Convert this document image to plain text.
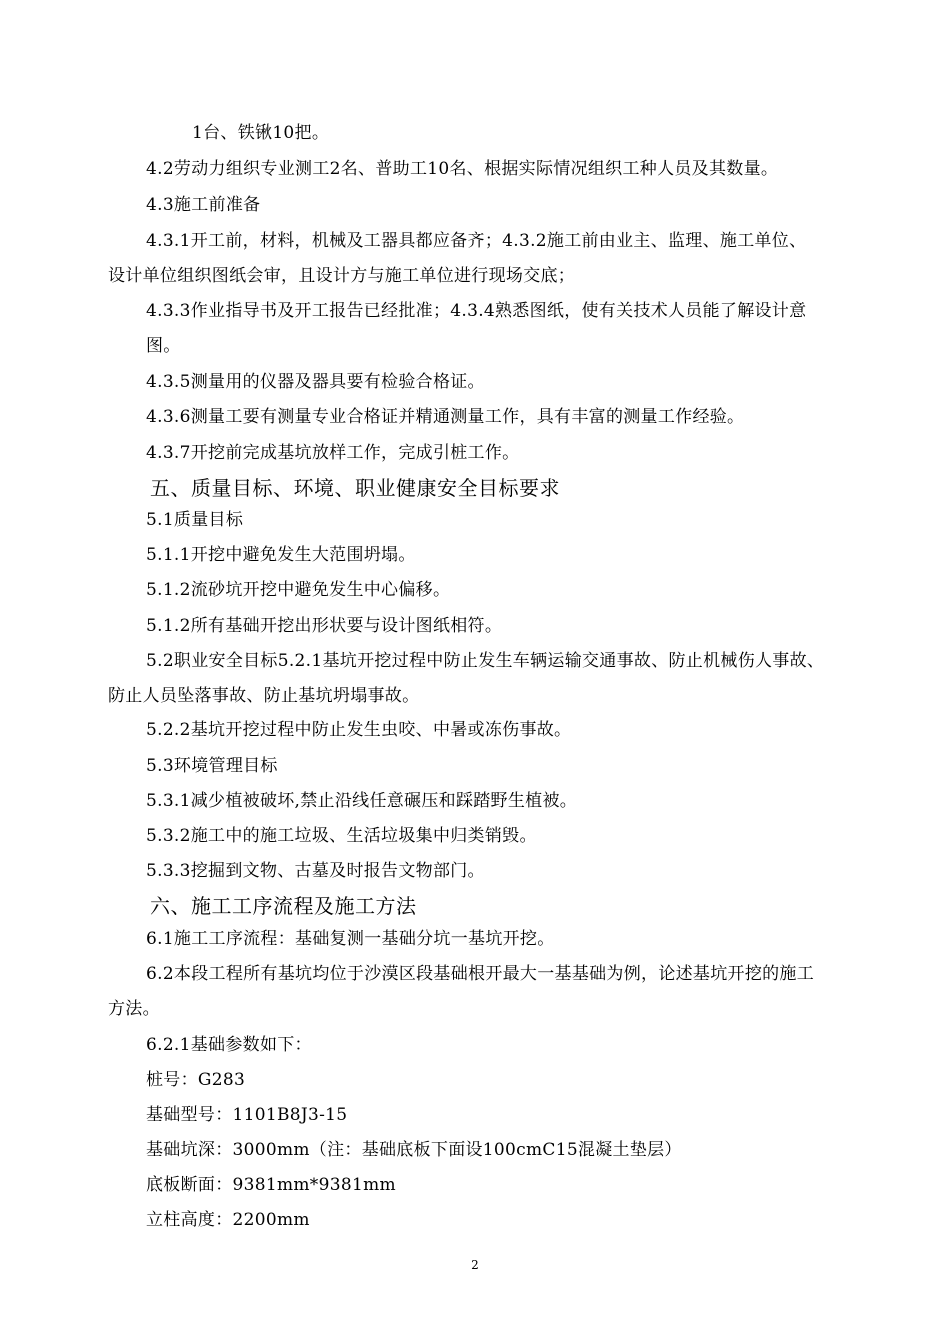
1台、铁锹10把。
4.2劳动力组织专业测工2名、普助工10名、根据实际情况组织工种人员及其数量。
4.3施工前准备
4.3.1开工前，材料，机械及工器具都应备齐；4.3.2施工前由业主、监理、施工单位、
设计单位组织图纸会审，且设计方与施工单位进行现场交底；
4.3.3作业指导书及开工报告已经批准；4.3.4熟悉图纸，使有关技术人员能了解设计意
图。
4.3.5测量用的仪器及器具要有检验合格证。
4.3.6测量工要有测量专业合格证并精通测量工作，具有丰富的测量工作经验。
4.3.7开挖前完成基坑放样工作，完成引桩工作。
五、质量目标、环境、职业健康安全目标要求
5.1质量目标
5.1.1开挖中避免发生大范围坍塌。
5.1.2流砂坑开挖中避免发生中心偏移。
5.1.2所有基础开挖出形状要与设计图纸相符。
5.2职业安全目标5.2.1基坑开挖过程中防止发生车辆运输交通事故、防止机械伤人事故、
防止人员坠落事故、防止基坑坍塌事故。
5.2.2基坑开挖过程中防止发生虫咬、中暑或冻伤事故。
5.3环境管理目标
5.3.1减少植被破坏,禁止沿线任意碾压和踩踏野生植被。
5.3.2施工中的施工垃圾、生活垃圾集中归类销毁。
5.3.3挖掘到文物、古墓及时报告文物部门。
六、施工工序流程及施工方法
6.1施工工序流程：基础复测一基础分坑一基坑开挖。
6.2本段工程所有基坑均位于沙漠区段基础根开最大一基基础为例，论述基坑开挖的施工
方法。
6.2.1基础参数如下：
桩号：G283
基础型号：1101B8J3-15
基础坑深：3000mm（注：基础底板下面设100cmC15混凝土垫层）
底板断面：9381mm*9381mm
立柱高度：2200mm
2
